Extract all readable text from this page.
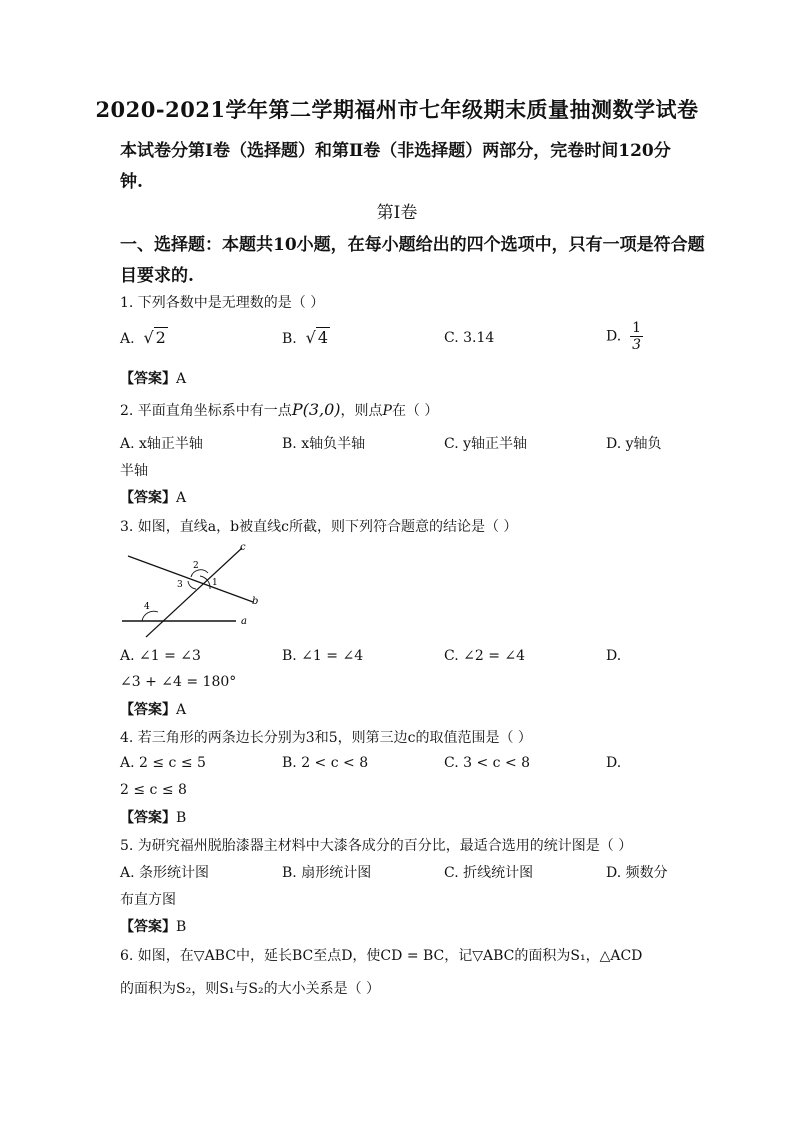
2020-2021学年第二学期福州市七年级期末质量抽测数学试卷
本试卷分第Ⅰ卷（选择题）和第Ⅱ卷（非选择题）两部分，完卷时间120分
钟.
第Ⅰ卷
一、选择题：本题共10小题，在每小题给出的四个选项中，只有一项是符合题
目要求的.
1. 下列各数中是无理数的是（ ）
A. √ 2	B. √ 4	C. 3.14	D. $\frac{1}{3}$
【答案】A
2. 平面直角坐标系中有一点P(3,0)，则点P在（ ）
A. x轴正半轴	B. x轴负半轴	C. y轴正半轴	D. y轴负
半轴
【答案】A
3. 如图，直线a，b被直线c所截，则下列符合题意的结论是（ ）
c
b
a
1
2
3
4
A. ∠1 = ∠3	B. ∠1 = ∠4	C. ∠2 = ∠4	D.
∠3 + ∠4 = 180°
【答案】A
4. 若三角形的两条边长分别为3和5，则第三边c的取值范围是（ ）
A. 2 ≤ c ≤ 5	B. 2 < c < 8	C. 3 < c < 8	D.
2 ≤ c ≤ 8
【答案】B
5. 为研究福州脱胎漆器主材料中大漆各成分的百分比，最适合选用的统计图是（ ）
A. 条形统计图	B. 扇形统计图	C. 折线统计图	D. 频数分
布直方图
【答案】B
6. 如图，在▽ABC中，延长BC至点D，使CD = BC，记▽ABC的面积为S₁，△ACD
的面积为S₂，则S₁与S₂的大小关系是（ ）
